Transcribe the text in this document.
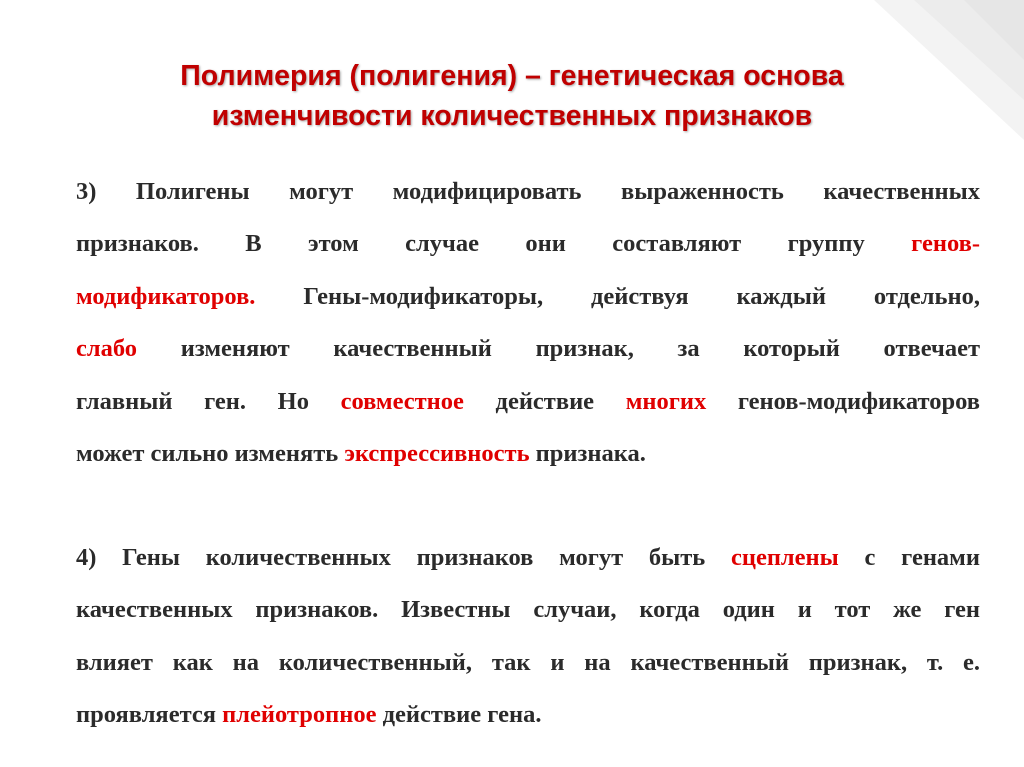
Полимерия (полигения) – генетическая основа
изменчивости количественных признаков
3) Полигены могут модифицировать выраженность качественных
признаков. В этом случае они составляют группу генов-
модификаторов. Гены-модификаторы, действуя каждый отдельно,
слабо изменяют качественный признак, за который отвечает
главный ген. Но совместное действие многих генов-модификаторов
может сильно изменять экспрессивность признака.
4) Гены количественных признаков могут быть сцеплены с генами
качественных признаков. Известны случаи, когда один и тот же ген
влияет как на количественный, так и на качественный признак, т. е.
проявляется плейотропное действие гена.
